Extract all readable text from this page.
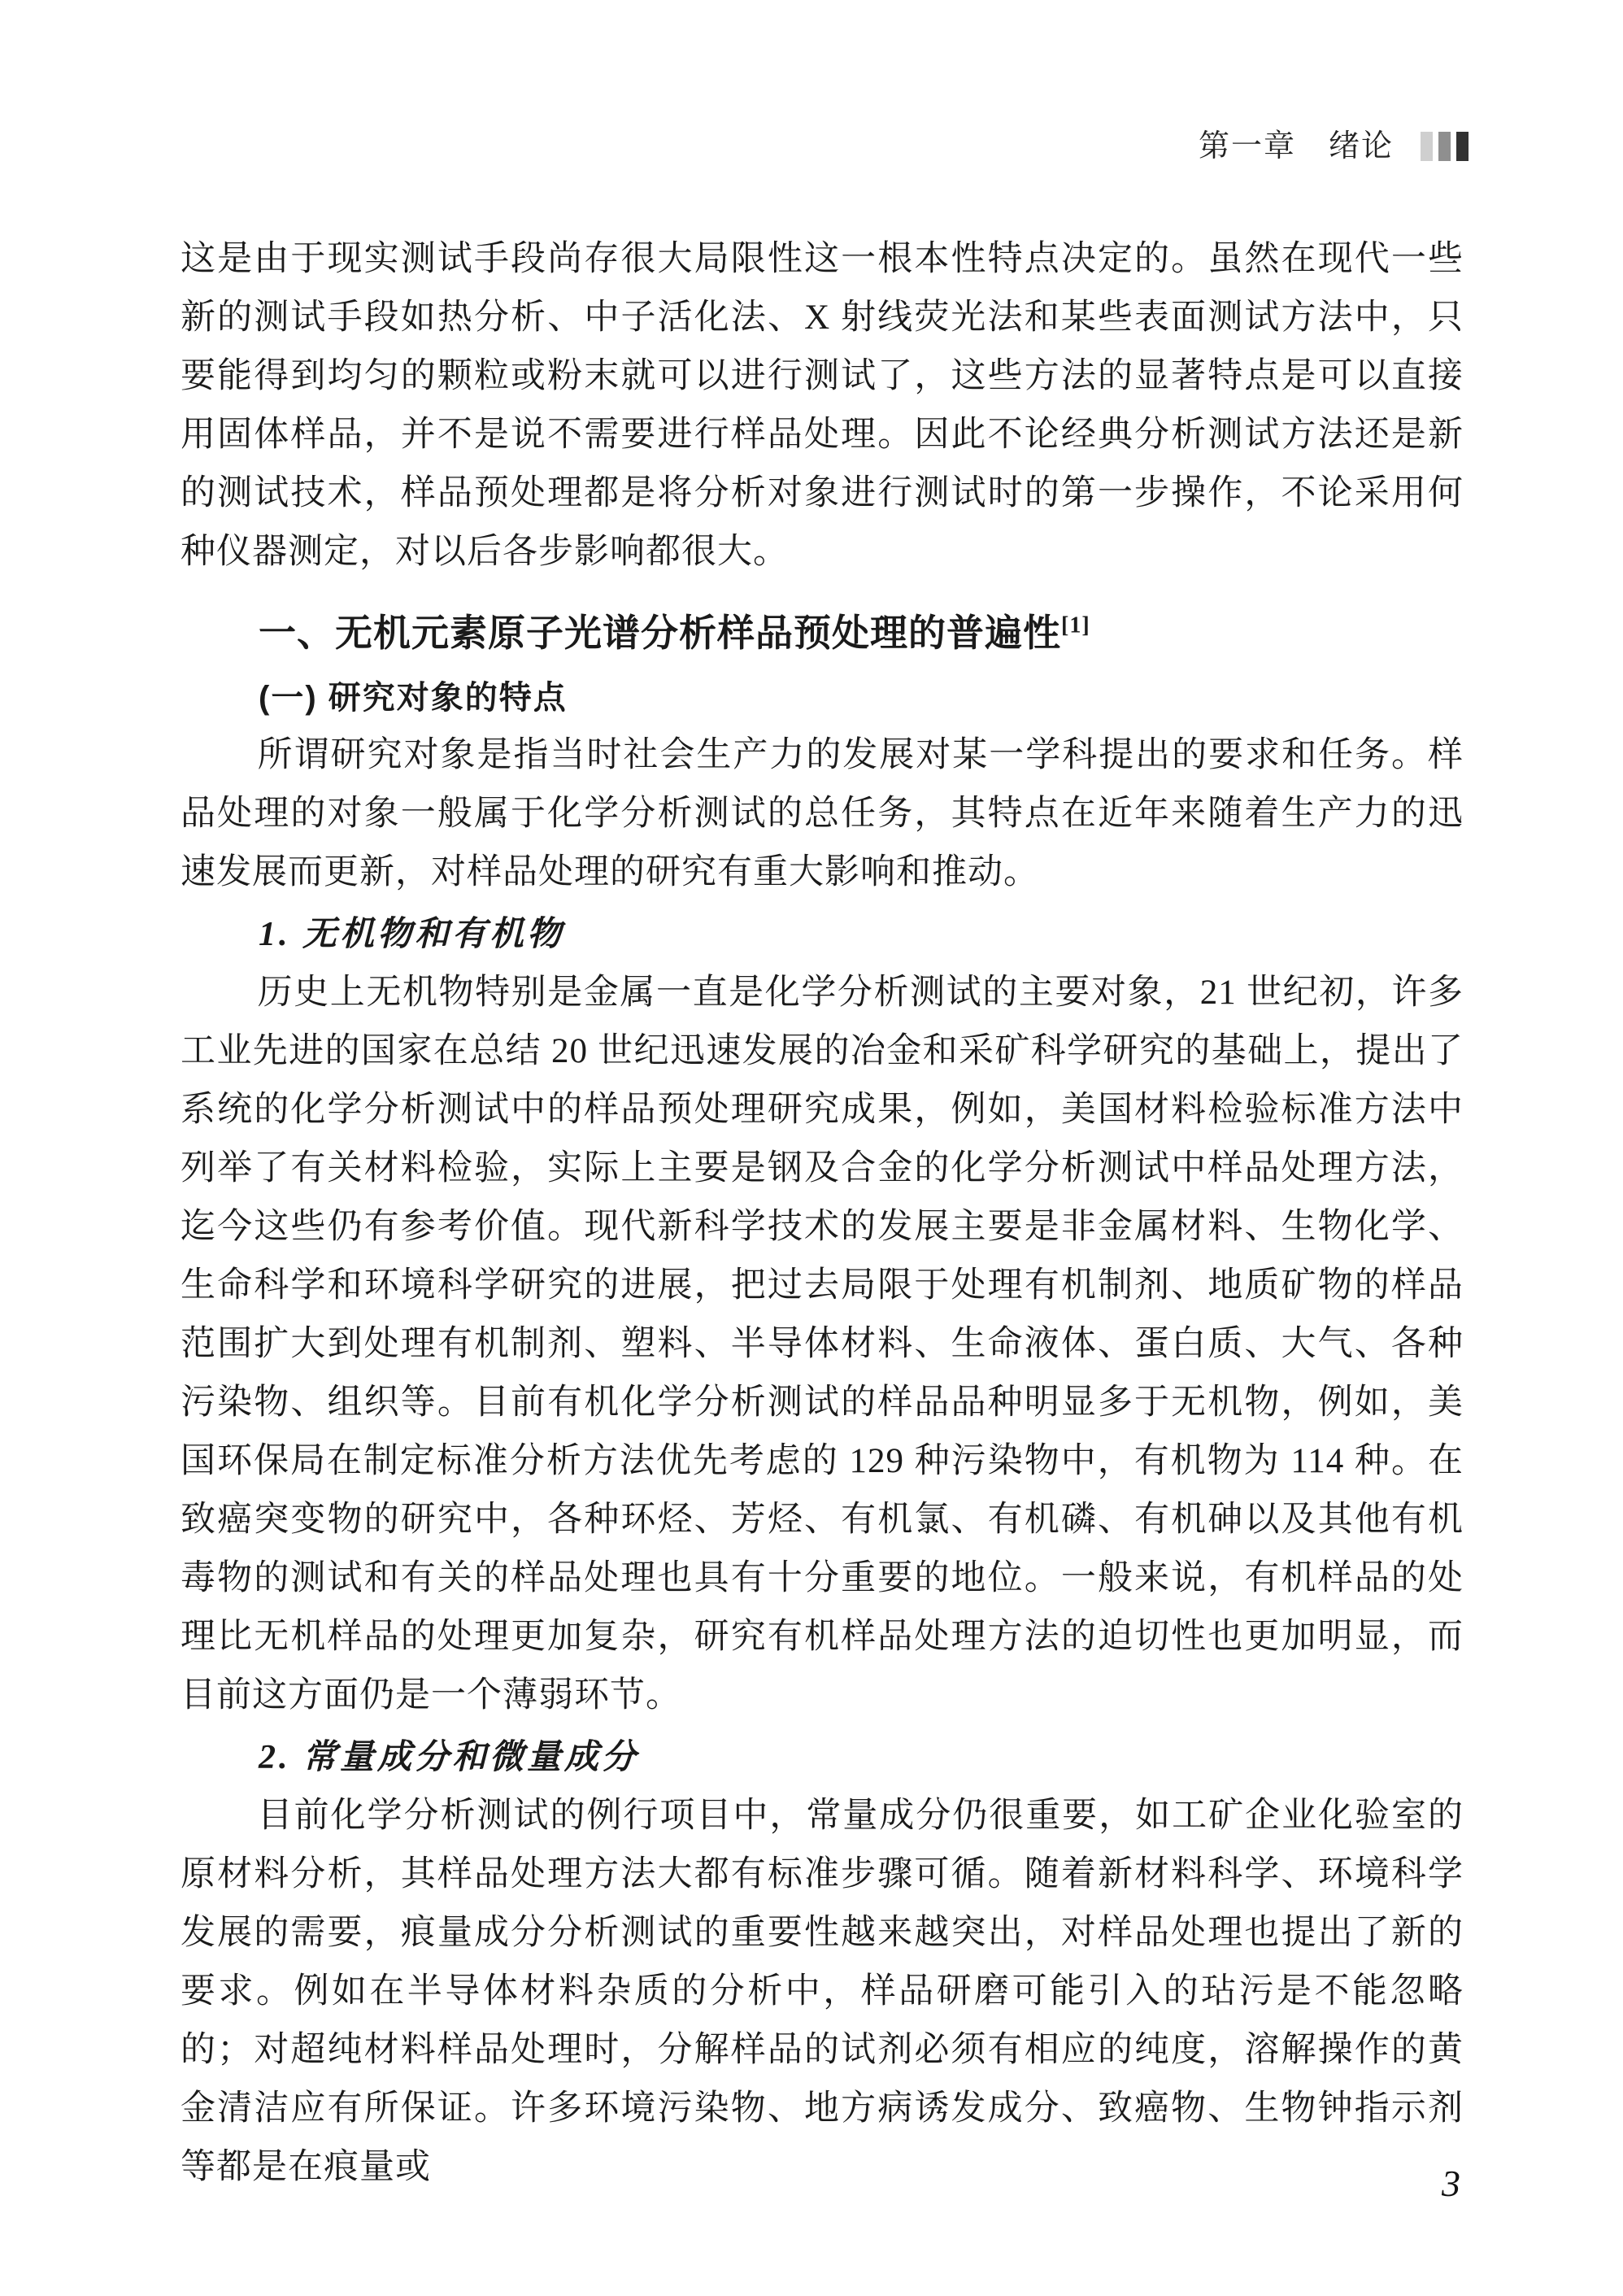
第一章　绪论

这是由于现实测试手段尚存很大局限性这一根本性特点决定的。虽然在现代一些新的测试手段如热分析、中子活化法、X 射线荧光法和某些表面测试方法中，只要能得到均匀的颗粒或粉末就可以进行测试了，这些方法的显著特点是可以直接用固体样品，并不是说不需要进行样品处理。因此不论经典分析测试方法还是新的测试技术，样品预处理都是将分析对象进行测试时的第一步操作，不论采用何种仪器测定，对以后各步影响都很大。

一、无机元素原子光谱分析样品预处理的普遍性[1]
(一) 研究对象的特点

所谓研究对象是指当时社会生产力的发展对某一学科提出的要求和任务。样品处理的对象一般属于化学分析测试的总任务，其特点在近年来随着生产力的迅速发展而更新，对样品处理的研究有重大影响和推动。

1. 无机物和有机物

历史上无机物特别是金属一直是化学分析测试的主要对象，21 世纪初，许多工业先进的国家在总结 20 世纪迅速发展的冶金和采矿科学研究的基础上，提出了系统的化学分析测试中的样品预处理研究成果，例如，美国材料检验标准方法中列举了有关材料检验，实际上主要是钢及合金的化学分析测试中样品处理方法，迄今这些仍有参考价值。现代新科学技术的发展主要是非金属材料、生物化学、生命科学和环境科学研究的进展，把过去局限于处理有机制剂、地质矿物的样品范围扩大到处理有机制剂、塑料、半导体材料、生命液体、蛋白质、大气、各种污染物、组织等。目前有机化学分析测试的样品品种明显多于无机物，例如，美国环保局在制定标准分析方法优先考虑的 129 种污染物中，有机物为 114 种。在致癌突变物的研究中，各种环烃、芳烃、有机氯、有机磷、有机砷以及其他有机毒物的测试和有关的样品处理也具有十分重要的地位。一般来说，有机样品的处理比无机样品的处理更加复杂，研究有机样品处理方法的迫切性也更加明显，而目前这方面仍是一个薄弱环节。

2. 常量成分和微量成分

目前化学分析测试的例行项目中，常量成分仍很重要，如工矿企业化验室的原材料分析，其样品处理方法大都有标准步骤可循。随着新材料科学、环境科学发展的需要，痕量成分分析测试的重要性越来越突出，对样品处理也提出了新的要求。例如在半导体材料杂质的分析中，样品研磨可能引入的玷污是不能忽略的；对超纯材料样品处理时，分解样品的试剂必须有相应的纯度，溶解操作的黄金清洁应有所保证。许多环境污染物、地方病诱发成分、致癌物、生物钟指示剂等都是在痕量或	3
